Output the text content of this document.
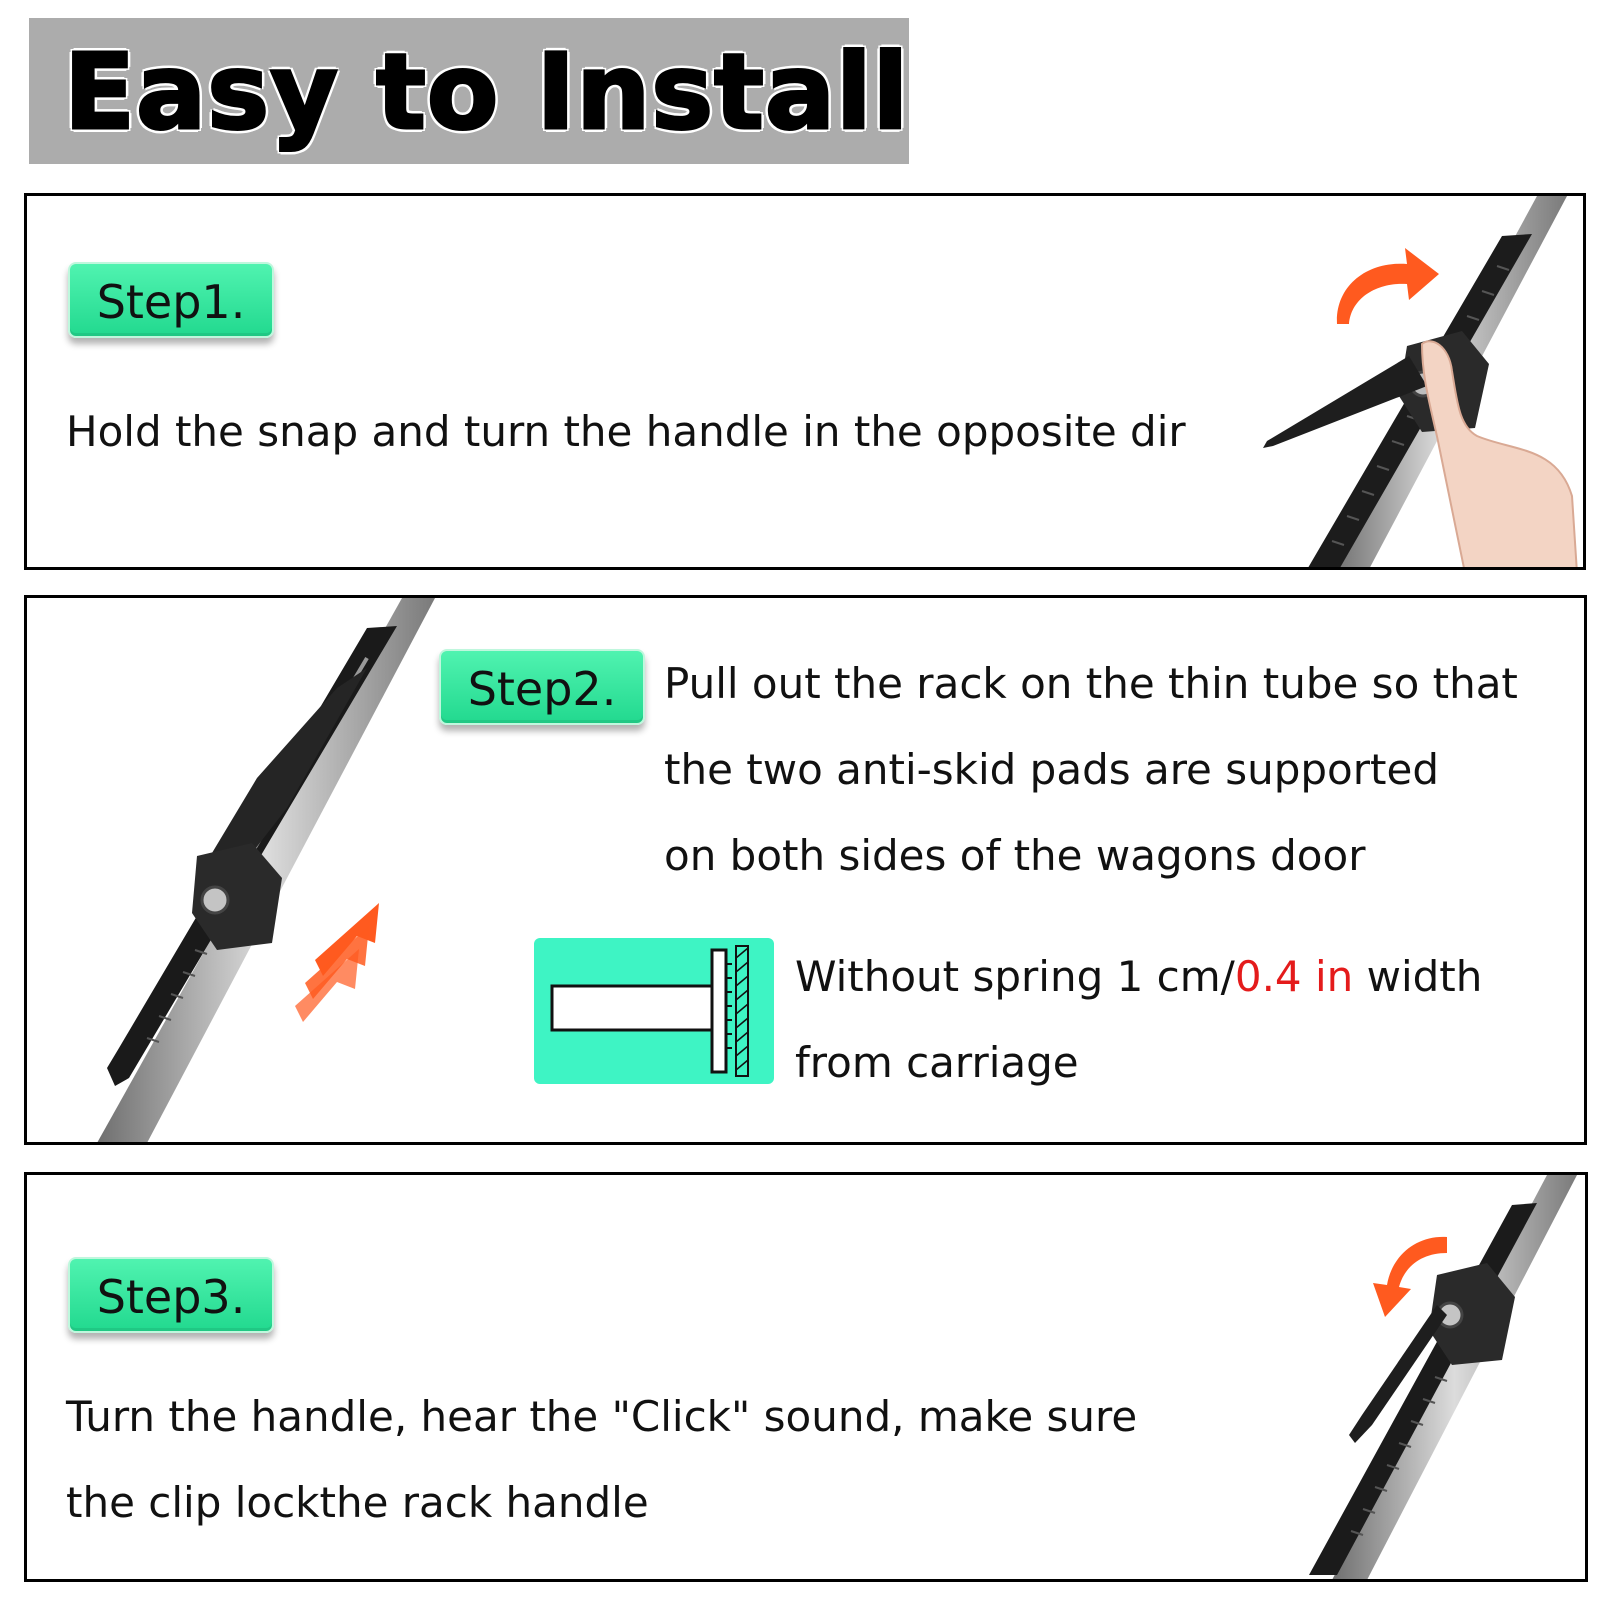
Easy to Install
Step1.

Hold the snap and turn the handle in the opposite dir

Step2.	Pull out the rack on the thin tube so that

the two anti-skid pads are supported

on both sides of the wagons door

Without spring 1 cm/0.4 in width

from carriage

Step3.

Turn the handle, hear the "Click" sound, make sure

the clip lockthe rack handle
